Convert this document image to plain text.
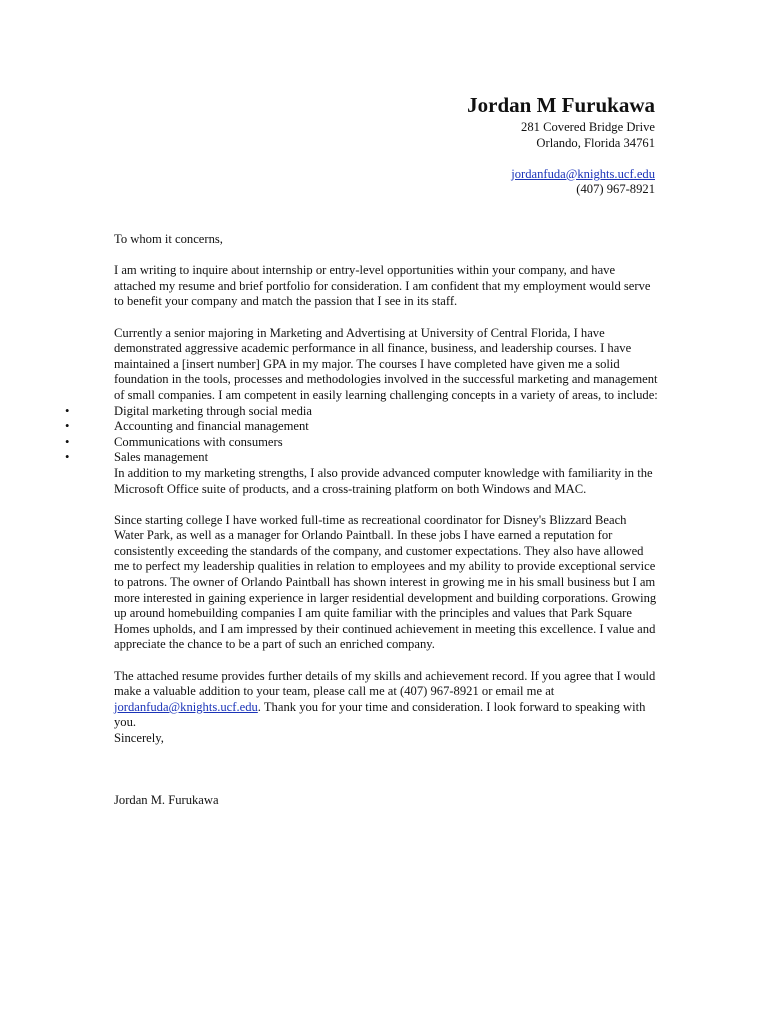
Jordan M Furukawa
281 Covered Bridge Drive
Orlando, Florida 34761
jordanfuda@knights.ucf.edu
(407) 967-8921

To whom it concerns,

I am writing to inquire about internship or entry-level opportunities within your company, and have attached my resume and brief portfolio for consideration. I am confident that my employment would serve to benefit your company and match the passion that I see in its staff.

Currently a senior majoring in Marketing and Advertising at University of Central Florida, I have demonstrated aggressive academic performance in all finance, business, and leadership courses. I have maintained a [insert number] GPA in my major. The courses I have completed have given me a solid foundation in the tools, processes and methodologies involved in the successful marketing and management of small companies. I am competent in easily learning challenging concepts in a variety of areas, to include:

•	Digital marketing through social media
•	Accounting and financial management
•	Communications with consumers
•	Sales management

In addition to my marketing strengths, I also provide advanced computer knowledge with familiarity in the Microsoft Office suite of products, and a cross-training platform on both Windows and MAC.

Since starting college I have worked full-time as recreational coordinator for Disney's Blizzard Beach Water Park, as well as a manager for Orlando Paintball. In these jobs I have earned a reputation for consistently exceeding the standards of the company, and customer expectations. They also have allowed me to perfect my leadership qualities in relation to employees and my ability to provide exceptional service to patrons. The owner of Orlando Paintball has shown interest in growing me in his small business but I am more interested in gaining experience in larger residential development and building corporations. Growing up around homebuilding companies I am quite familiar with the principles and values that Park Square Homes upholds, and I am impressed by their continued achievement in meeting this excellence. I value and appreciate the chance to be a part of such an enriched company.

The attached resume provides further details of my skills and achievement record. If you agree that I would make a valuable addition to your team, please call me at (407) 967-8921 or email me at jordanfuda@knights.ucf.edu. Thank you for your time and consideration. I look forward to speaking with you.

Sincerely,

Jordan M. Furukawa
